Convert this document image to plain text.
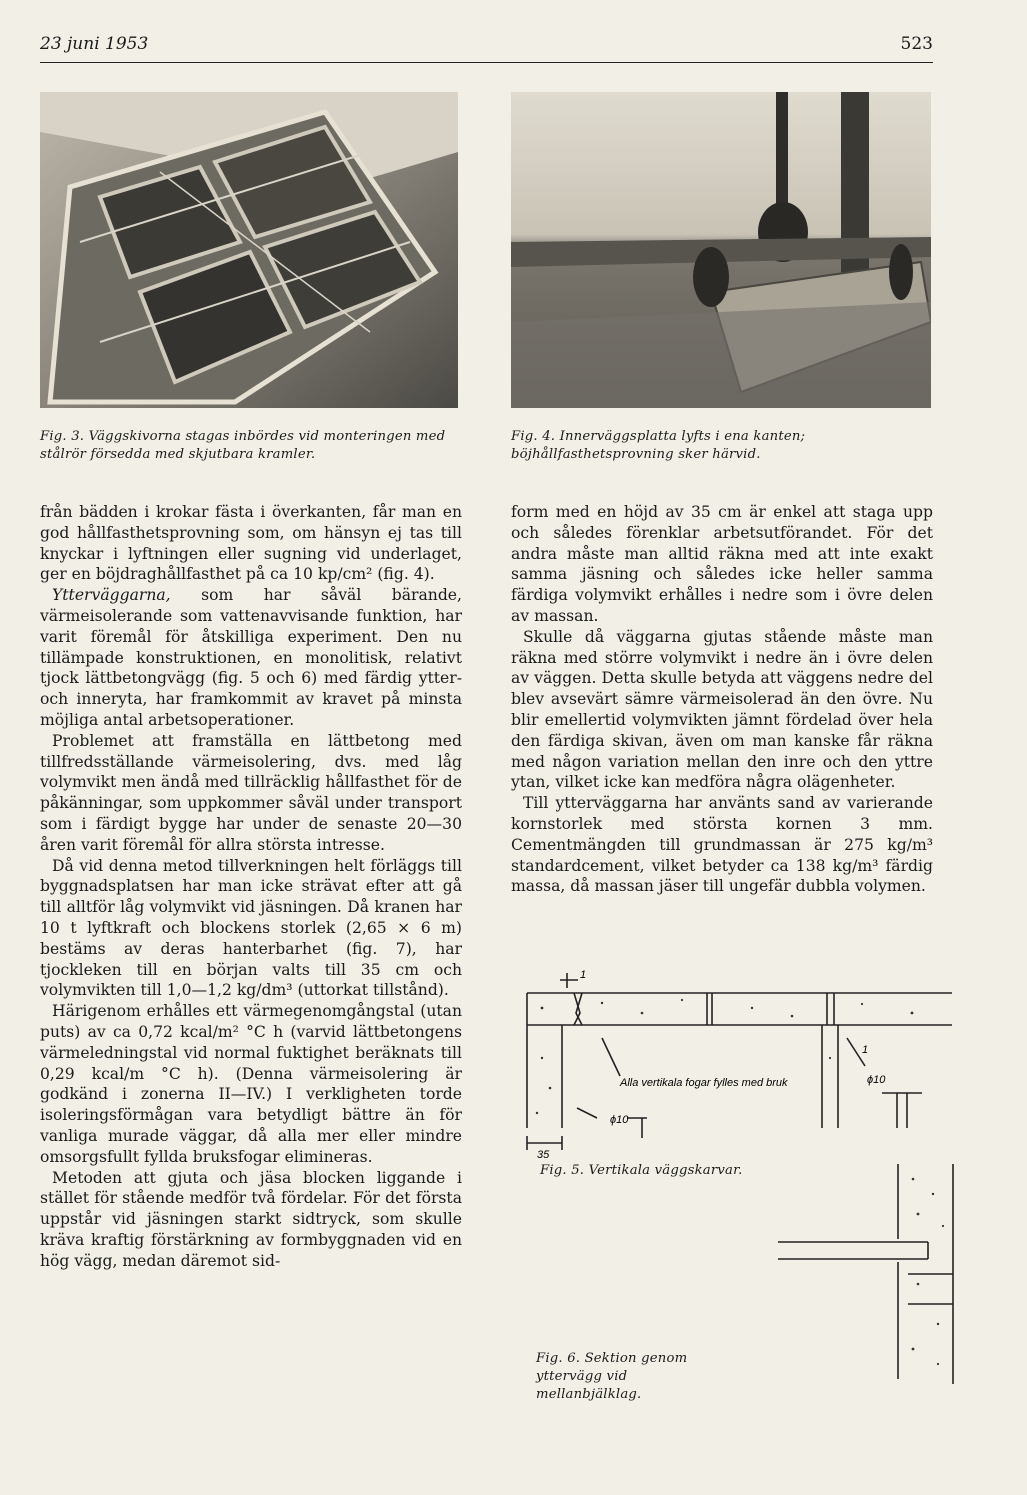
23 juni 1953	523
Fig. 3. Väggskivorna stagas inbördes vid monteringen med stålrör försedda med skjutbara kramler.
Fig. 4. Innerväggsplatta lyfts i ena kanten; böjhållfasthetsprovning sker härvid.

från bädden i krokar fästa i överkanten, får man en god hållfasthetsprovning som, om hänsyn ej tas till knyckar i lyftningen eller sugning vid underlaget, ger en böjdraghållfasthet på ca 10 kp/cm² (fig. 4).

Ytterväggarna, som har såväl bärande, värmeisolerande som vattenavvisande funktion, har varit föremål för åtskilliga experiment. Den nu tillämpade konstruktionen, en monolitisk, relativt tjock lättbetongvägg (fig. 5 och 6) med färdig ytter- och inneryta, har framkommit av kravet på minsta möjliga antal arbetsoperationer.

Problemet att framställa en lättbetong med tillfredsställande värmeisolering, dvs. med låg volymvikt men ändå med tillräcklig hållfasthet för de påkänningar, som uppkommer såväl under transport som i färdigt bygge har under de senaste 20—30 åren varit föremål för allra största intresse.

Då vid denna metod tillverkningen helt förläggs till byggnadsplatsen har man icke strävat efter att gå till alltför låg volymvikt vid jäsningen. Då kranen har 10 t lyftkraft och blockens storlek (2,65 × 6 m) bestäms av deras hanterbarhet (fig. 7), har tjockleken till en början valts till 35 cm och volymvikten till 1,0—1,2 kg/dm³ (uttorkat tillstånd).

Härigenom erhålles ett värmegenomgångstal (utan puts) av ca 0,72 kcal/m² °C h (varvid lättbetongens värmeledningstal vid normal fuktighet beräknats till 0,29 kcal/m °C h). (Denna värmeisolering är godkänd i zonerna II—IV.) I verkligheten torde isoleringsförmågan vara betydligt bättre än för vanliga murade väggar, då alla mer eller mindre omsorgsfullt fyllda bruksfogar elimineras.

Metoden att gjuta och jäsa blocken liggande i stället för stående medför två fördelar. För det första uppstår vid jäsningen starkt sidtryck, som skulle kräva kraftig förstärkning av formbyggnaden vid en hög vägg, medan däremot sid-

form med en höjd av 35 cm är enkel att staga upp och således förenklar arbetsutförandet. För det andra måste man alltid räkna med att inte exakt samma jäsning och således icke heller samma färdiga volymvikt erhålles i nedre som i övre delen av massan.

Skulle då väggarna gjutas stående måste man räkna med större volymvikt i nedre än i övre delen av väggen. Detta skulle betyda att väggens nedre del blev avsevärt sämre värmeisolerad än den övre. Nu blir emellertid volymvikten jämnt fördelad över hela den färdiga skivan, även om man kanske får räkna med någon variation mellan den inre och den yttre ytan, vilket icke kan medföra några olägenheter.

Till ytterväggarna har använts sand av varierande kornstorlek med största kornen 3 mm. Cementmängden till grundmassan är 275 kg/m³ standardcement, vilket betyder ca 138 kg/m³ färdig massa, då massan jäser till ungefär dubbla volymen.

Alla vertikala fogar fylles med bruk
ϕ10
ϕ10
35
1
1
Fig. 5. Vertikala väggskarvar.
Fig. 6. Sektion genom yttervägg vid mellanbjälklag.
